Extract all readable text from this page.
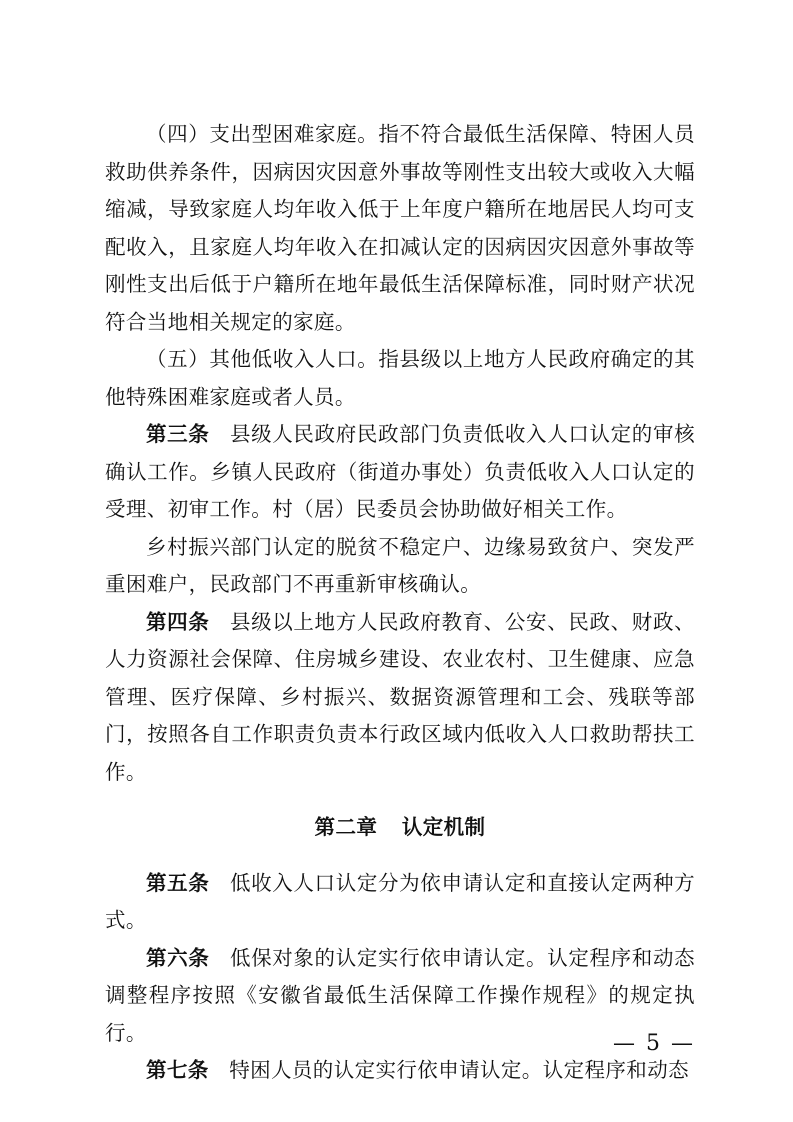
（四）支出型困难家庭。指不符合最低生活保障、特困人员救助供养条件，因病因灾因意外事故等刚性支出较大或收入大幅缩减，导致家庭人均年收入低于上年度户籍所在地居民人均可支配收入，且家庭人均年收入在扣减认定的因病因灾因意外事故等刚性支出后低于户籍所在地年最低生活保障标准，同时财产状况符合当地相关规定的家庭。

（五）其他低收入人口。指县级以上地方人民政府确定的其他特殊困难家庭或者人员。

第三条 县级人民政府民政部门负责低收入人口认定的审核确认工作。乡镇人民政府（街道办事处）负责低收入人口认定的受理、初审工作。村（居）民委员会协助做好相关工作。

乡村振兴部门认定的脱贫不稳定户、边缘易致贫户、突发严重困难户，民政部门不再重新审核确认。

第四条 县级以上地方人民政府教育、公安、民政、财政、人力资源社会保障、住房城乡建设、农业农村、卫生健康、应急管理、医疗保障、乡村振兴、数据资源管理和工会、残联等部门，按照各自工作职责负责本行政区域内低收入人口救助帮扶工作。

第二章 认定机制

第五条 低收入人口认定分为依申请认定和直接认定两种方式。

第六条 低保对象的认定实行依申请认定。认定程序和动态调整程序按照《安徽省最低生活保障工作操作规程》的规定执行。

第七条 特困人员的认定实行依申请认定。认定程序和动态

— 5 —
